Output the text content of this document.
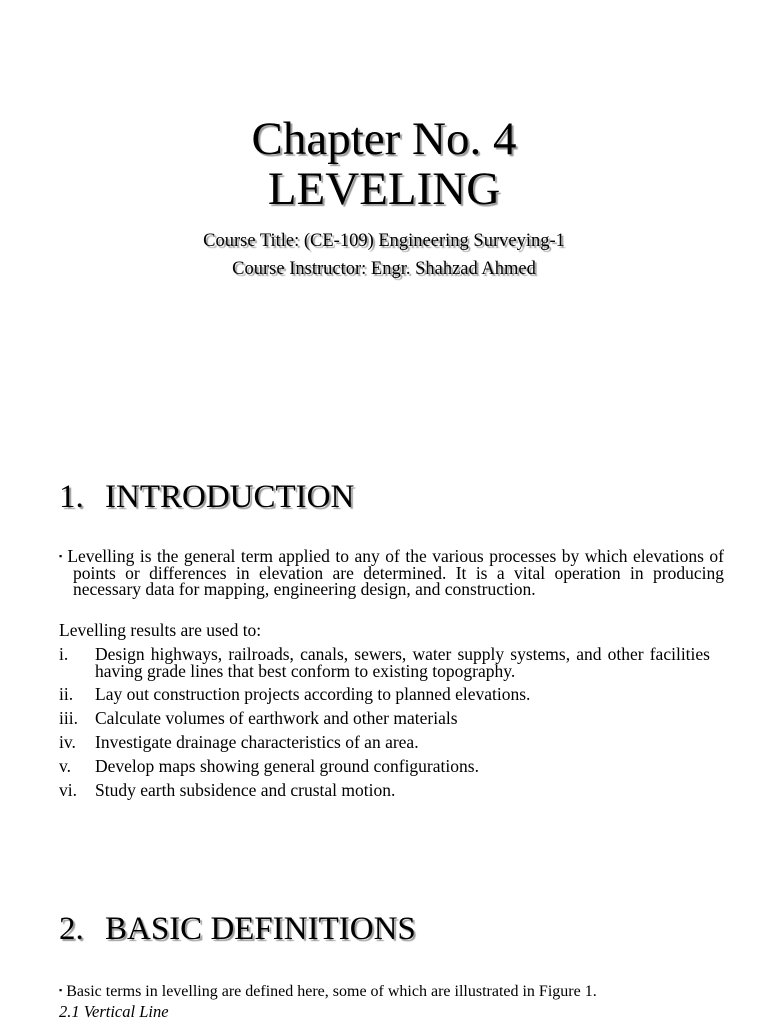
Chapter No. 4
LEVELING
Course Title: (CE-109) Engineering Surveying-1
Course Instructor: Engr. Shahzad Ahmed
1. INTRODUCTION
▪ Levelling is the general term applied to any of the various processes by which elevations of points or differences in elevation are determined. It is a vital operation in producing necessary data for mapping, engineering design, and construction.
Levelling results are used to:
i. Design highways, railroads, canals, sewers, water supply systems, and other facilities having grade lines that best conform to existing topography.
ii. Lay out construction projects according to planned elevations.
iii. Calculate volumes of earthwork and other materials
iv. Investigate drainage characteristics of an area.
v. Develop maps showing general ground configurations.
vi. Study earth subsidence and crustal motion.
2. BASIC DEFINITIONS
▪ Basic terms in levelling are defined here, some of which are illustrated in Figure 1.
2.1 Vertical Line
